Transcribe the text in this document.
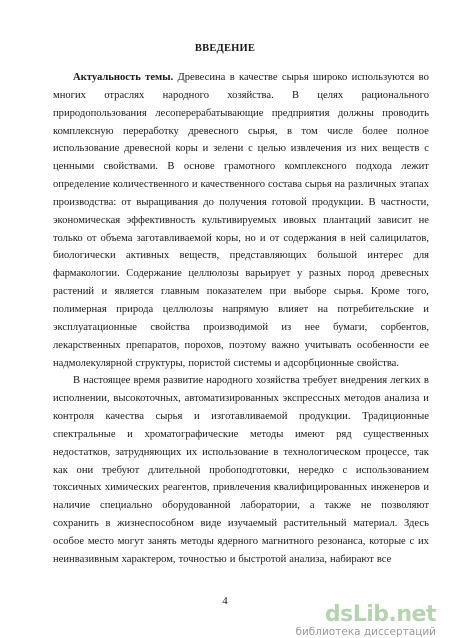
ВВЕДЕНИЕ
Актуальность темы. Древесина в качестве сырья широко используются во
многих отраслях народного хозяйства. В целях рационального
природопользования лесоперерабатывающие предприятия должны проводить
комплексную переработку древесного сырья, в том числе более полное
использование древесной коры и зелени с целью извлечения из них веществ с
ценными свойствами. В основе грамотного комплексного подхода лежит
определение количественного и качественного состава сырья на различных этапах
производства: от выращивания до получения готовой продукции. В частности,
экономическая эффективность культивируемых ивовых плантаций зависит не
только от объема заготавливаемой коры, но и от содержания в ней салицилатов,
биологически активных веществ, представляющих большой интерес для
фармакологии. Содержание целлюлозы варьирует у разных пород древесных
растений и является главным показателем при выборе сырья. Кроме того,
полимерная природа целлюлозы напрямую влияет на потребительские и
эксплуатационные свойства производимой из нее бумаги, сорбентов,
лекарственных препаратов, порохов, поэтому важно учитывать особенности ее
надмолекулярной структуры, пористой системы и адсорбционные свойства.
В настоящее время развитие народного хозяйства требует внедрения легких в
исполнении, высокоточных, автоматизированных экспрессных методов анализа и
контроля качества сырья и изготавливаемой продукции. Традиционные
спектральные и хроматографические методы имеют ряд существенных
недостатков, затрудняющих их использование в технологическом процессе, так
как они требуют длительной пробоподготовки, нередко с использованием
токсичных химических реагентов, привлечения квалифицированных инженеров и
наличие специально оборудованной лаборатории, а также не позволяют
сохранить в жизнеспособном виде изучаемый растительный материал. Здесь
особое место могут занять методы ядерного магнитного резонанса, которые с их
неинвазивным характером, точностью и быстротой анализа, набирают все
4
dsLib.net
библиотека диссертаций
